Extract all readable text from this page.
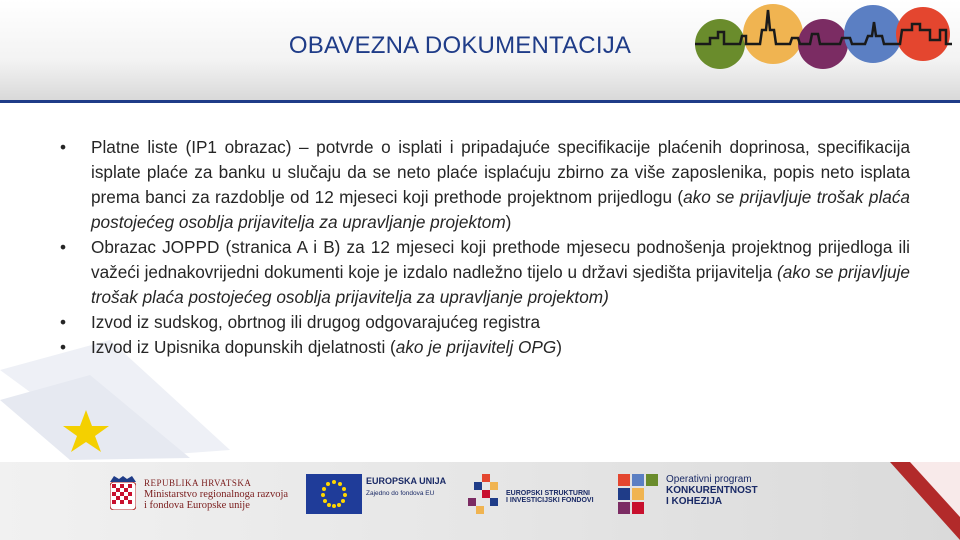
OBAVEZNA DOKUMENTACIJA
• Platne liste (IP1 obrazac) – potvrde o isplati i pripadajuće specifikacije plaćenih doprinosa, specifikacija isplate plaće za banku u slučaju da se neto plaće isplaćuju zbirno za više zaposlenika, popis neto isplata prema banci za razdoblje od 12 mjeseci koji prethode projektnom prijedlogu (ako se prijavljuje trošak plaća postojećeg osoblja prijavitelja za upravljanje projektom)
• Obrazac JOPPD (stranica A i B) za 12 mjeseci koji prethode mjesecu podnošenja projektnog prijedloga ili važeći jednakovrijedni dokumenti koje je izdalo nadležno tijelo u državi sjedišta prijavitelja (ako se prijavljuje trošak plaća postojećeg osoblja prijavitelja za upravljanje projektom)
• Izvod iz sudskog, obrtnog ili drugog odgovarajućeg registra
• Izvod iz Upisnika dopunskih djelatnosti (ako je prijavitelj OPG)
REPUBLIKA HRVATSKA
Ministarstvo regionalnoga razvoja
i fondova Europske unije
EUROPSKA UNIJA
Zajedno do fondova EU	EUROPSKI STRUKTURNI
I INVESTICIJSKI FONDOVI
Operativni program
KONKURENTNOST
I KOHEZIJA
